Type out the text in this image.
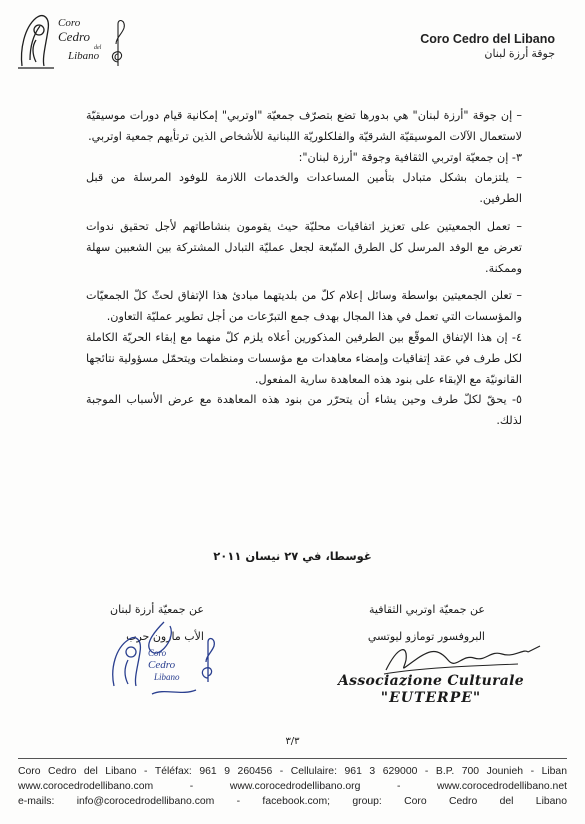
Coro
Cedro
del
Libano
Coro Cedro del Libano
جوقة أرزة لبنان

– إن جوقة "أرزة لبنان" هي بدورها تضع بتصرّف جمعيّة "اوتربي" إمكانية قيام دورات موسيقيّة لاستعمال الآلات الموسيقيّة الشرقيّة والفلكلوريّة اللبنانية للأشخاص الذين ترتأيهم جمعية اوتربي.

٣- إن جمعيّة اوتربي الثقافية وجوقة "أرزة لبنان":

– يلتزمان بشكل متبادل بتأمين المساعدات والخدمات اللازمة للوفود المرسلة من قبل الطرفين.

– تعمل الجمعيتين على تعزيز اتفاقيات محليّة حيث يقومون بنشاطاتهم لأجل تحقيق ندوات تعرض مع الوفد المرسل كل الطرق المتّبعة لجعل عمليّة التبادل المشتركة بين الشعبين سهلة وممكنة.

– تعلن الجمعيتين بواسطة وسائل إعلام كلّ من بلديتهما مبادئ هذا الإتفاق لحثّ كلّ الجمعيّات والمؤسسات التي تعمل في هذا المجال بهدف جمع التبرّعات من أجل تطوير عمليّة التعاون.

٤- إن هذا الإتفاق الموقّع بين الطرفين المذكورين أعلاه يلزم كلّ منهما مع إبقاء الحريّة الكاملة لكل طرف في عقد إتفاقيات وإمضاء معاهدات مع مؤسسات ومنظمات ويتحمّل مسؤولية نتائجها القانونيّة مع الإبقاء على بنود هذه المعاهدة سارية المفعول.

٥- يحقّ لكلّ طرف وحين يشاء أن يتحرّر من بنود هذه المعاهدة مع عرض الأسباب الموجبة لذلك.

غوسطا، في ٢٧ نيسان ٢٠١١
عن جمعيّة اوتربي الثقافية
البروفسور تومازو ليوتسي
عن جمعيّة أرزة لبنان
الأب مارون حرب
Associazione Culturale
"EUTERPE"
Coro
Cedro
Libano
٣/٣
Coro Cedro del Libano - Téléfax: 961 9 260456 - Cellulaire: 961 3 629000 - B.P. 700 Jounieh - Liban
www.corocedrodellibano.com - www.corocedrodellibano.org - www.corocedrodellibano.net
e-mails: info@corocedrodellibano.com - facebook.com; group: Coro Cedro del Libano
